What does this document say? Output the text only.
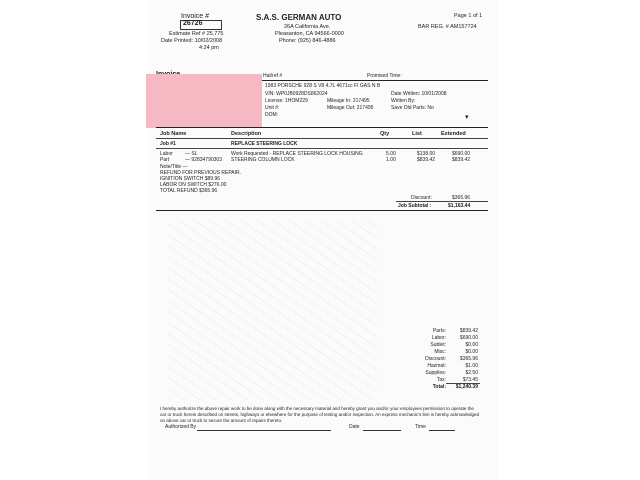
Invoice #
26726
Estimate Ref # 25,775
Date Printed: 10/02/2008
4:24 pm
S.A.S. GERMAN AUTO
26A California Ave.
Pleasanton, CA 94566-0000
Phone: (925) 846-4886
Page 1 of 1
BAR REG. # AM157724
Hat/ref #	Promised Time:
1983 PORSCHE 928 S V8 4.7L 4671cc FI GAS N B
VIN: WP0JB0928DS862024
License: 1HOM229	Mileage In: 217495
Unit #:	Mileage Out: 217495
DOM:
Date Written: 10/01/2008
Written By:
Save Old Parts: No
▾
Job Name	Description	Qty	List	Extended
Job #1	REPLACE STEERING LOCK
Labor — SL	Work Requested - REPLACE STEERING LOCK HOUSING	5.00	$138.00	$690.00
Part	— 92834790303 STEERING COLUMN LOCK	1.00	$839.42	$839.42
Note/Title —
REFUND FOR PREVIOUS REPAIR.
IGNITION SWITCH $89.96
LABOR ON SWITCH $276.00
TOTAL REFUND $365.96
Discount:	$365.96
Job Subtotal :	$1,163.44
Parts:	$839.42
Labor:	$690.00
Sublet:	$0.00
Misc:	$0.00
Discount:	$365.96
Hazmat:	$1.00
Supplies:	$2.50
Tax:	$73.45
Total:	$1,240.39
I hereby authorize the above repair work to be done along with the necessary material and hereby grant you and/or your employees permission to operate the
car or truck herein described on streets, highways or elsewhere for the purpose of testing and/or inspection. An express mechanic's lien is hereby acknowledged
on above car or truck to secure the amount of repairs thereto.
Authorized By	Date	Time
